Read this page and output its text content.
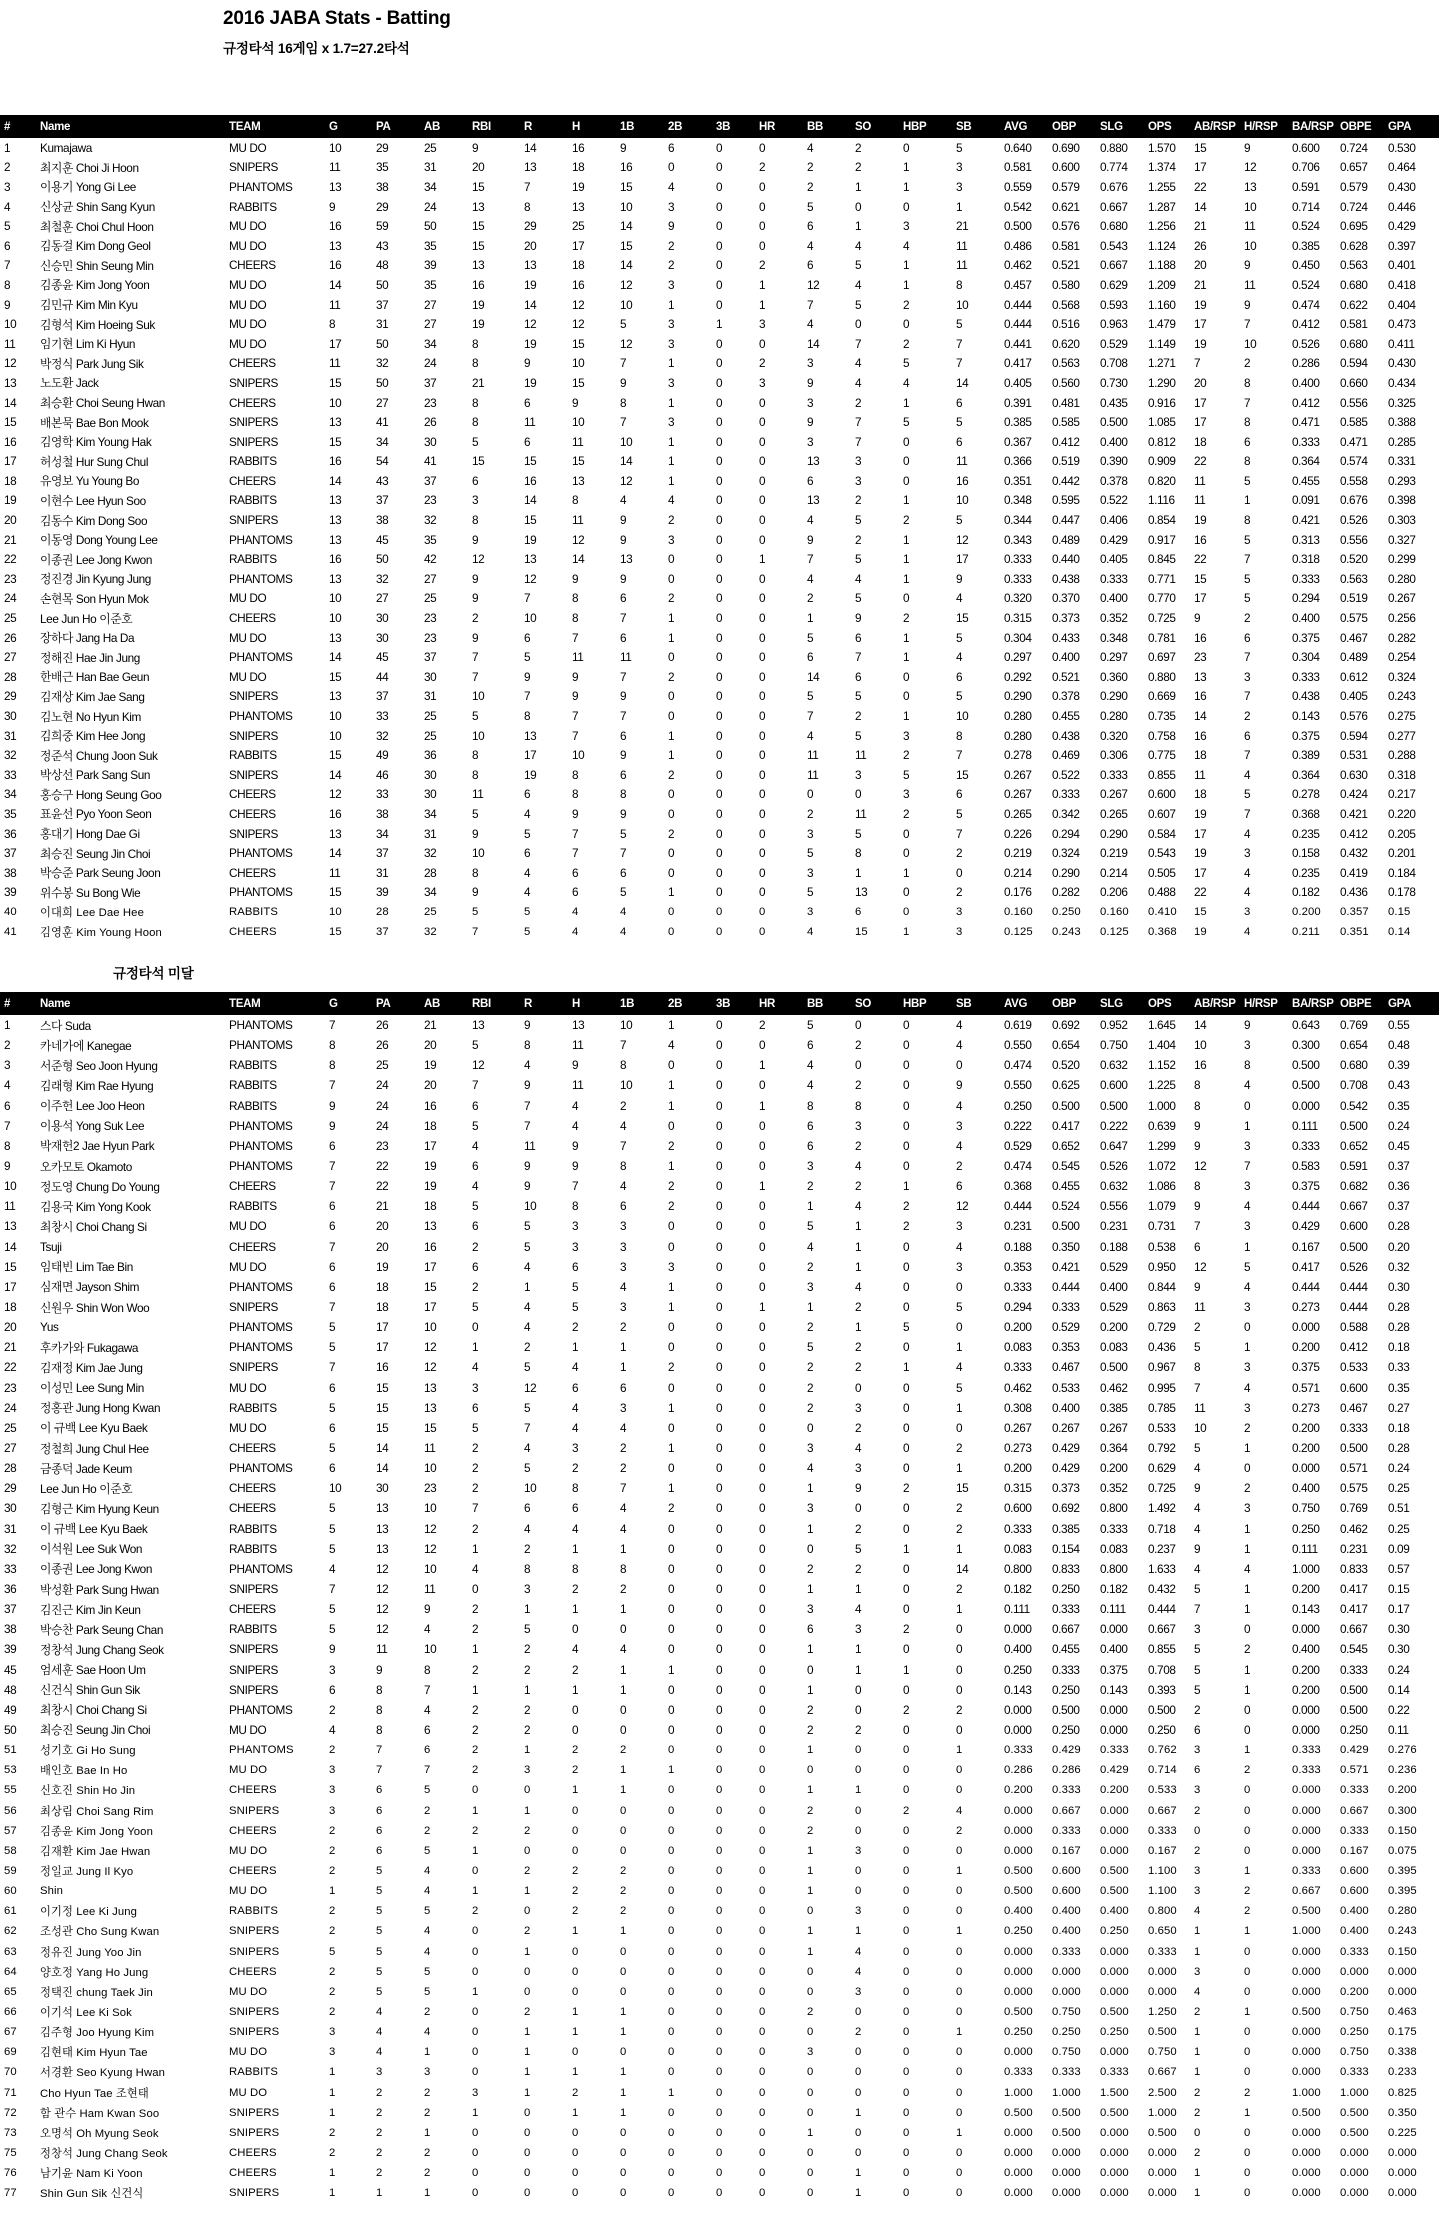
2016 JABA Stats - Batting
규정타석 16게임 x 1.7=27.2타석
#	Name	TEAM	G	PA	AB	RBI	R	H	1B	2B	3B	HR	BB	SO	HBP	SB	AVG	OBP	SLG	OPS	AB/RSP	H/RSP	BA/RSP	OBPE	GPA
1	Kumajawa	MU DO	10	29	25	9	14	16	9	6	0	0	4	2	0	5	0.640	0.690	0.880	1.570	15	9	0.600	0.724	0.530
2	최지훈 Choi Ji Hoon	SNIPERS	11	35	31	20	13	18	16	0	0	2	2	2	1	3	0.581	0.600	0.774	1.374	17	12	0.706	0.657	0.464
3	이용기 Yong Gi Lee	PHANTOMS	13	38	34	15	7	19	15	4	0	0	2	1	1	3	0.559	0.579	0.676	1.255	22	13	0.591	0.579	0.430
4	신상균 Shin Sang Kyun	RABBITS	9	29	24	13	8	13	10	3	0	0	5	0	0	1	0.542	0.621	0.667	1.287	14	10	0.714	0.724	0.446
5	최철훈 Choi Chul Hoon	MU DO	16	59	50	15	29	25	14	9	0	0	6	1	3	21	0.500	0.576	0.680	1.256	21	11	0.524	0.695	0.429
6	김동걸 Kim Dong Geol	MU DO	13	43	35	15	20	17	15	2	0	0	4	4	4	11	0.486	0.581	0.543	1.124	26	10	0.385	0.628	0.397
7	신승민 Shin Seung Min	CHEERS	16	48	39	13	13	18	14	2	0	2	6	5	1	11	0.462	0.521	0.667	1.188	20	9	0.450	0.563	0.401
8	김종윤 Kim Jong Yoon	MU DO	14	50	35	16	19	16	12	3	0	1	12	4	1	8	0.457	0.580	0.629	1.209	21	11	0.524	0.680	0.418
9	김민규 Kim Min Kyu	MU DO	11	37	27	19	14	12	10	1	0	1	7	5	2	10	0.444	0.568	0.593	1.160	19	9	0.474	0.622	0.404
10	김형석 Kim Hoeing Suk	MU DO	8	31	27	19	12	12	5	3	1	3	4	0	0	5	0.444	0.516	0.963	1.479	17	7	0.412	0.581	0.473
11	임기현 Lim Ki Hyun	MU DO	17	50	34	8	19	15	12	3	0	0	14	7	2	7	0.441	0.620	0.529	1.149	19	10	0.526	0.680	0.411
12	박정식 Park Jung Sik	CHEERS	11	32	24	8	9	10	7	1	0	2	3	4	5	7	0.417	0.563	0.708	1.271	7	2	0.286	0.594	0.430
13	노도환 Jack	SNIPERS	15	50	37	21	19	15	9	3	0	3	9	4	4	14	0.405	0.560	0.730	1.290	20	8	0.400	0.660	0.434
14	최승환 Choi Seung Hwan	CHEERS	10	27	23	8	6	9	8	1	0	0	3	2	1	6	0.391	0.481	0.435	0.916	17	7	0.412	0.556	0.325
15	배본묵 Bae Bon Mook	SNIPERS	13	41	26	8	11	10	7	3	0	0	9	7	5	5	0.385	0.585	0.500	1.085	17	8	0.471	0.585	0.388
16	김영학 Kim Young Hak	SNIPERS	15	34	30	5	6	11	10	1	0	0	3	7	0	6	0.367	0.412	0.400	0.812	18	6	0.333	0.471	0.285
17	허성철 Hur Sung Chul	RABBITS	16	54	41	15	15	15	14	1	0	0	13	3	0	11	0.366	0.519	0.390	0.909	22	8	0.364	0.574	0.331
18	유영보 Yu Young Bo	CHEERS	14	43	37	6	16	13	12	1	0	0	6	3	0	16	0.351	0.442	0.378	0.820	11	5	0.455	0.558	0.293
19	이현수 Lee Hyun Soo	RABBITS	13	37	23	3	14	8	4	4	0	0	13	2	1	10	0.348	0.595	0.522	1.116	11	1	0.091	0.676	0.398
20	김동수 Kim Dong Soo	SNIPERS	13	38	32	8	15	11	9	2	0	0	4	5	2	5	0.344	0.447	0.406	0.854	19	8	0.421	0.526	0.303
21	이동영 Dong Young Lee	PHANTOMS	13	45	35	9	19	12	9	3	0	0	9	2	1	12	0.343	0.489	0.429	0.917	16	5	0.313	0.556	0.327
22	이종권 Lee Jong Kwon	RABBITS	16	50	42	12	13	14	13	0	0	1	7	5	1	17	0.333	0.440	0.405	0.845	22	7	0.318	0.520	0.299
23	정진경 Jin Kyung Jung	PHANTOMS	13	32	27	9	12	9	9	0	0	0	4	4	1	9	0.333	0.438	0.333	0.771	15	5	0.333	0.563	0.280
24	손현목 Son Hyun Mok	MU DO	10	27	25	9	7	8	6	2	0	0	2	5	0	4	0.320	0.370	0.400	0.770	17	5	0.294	0.519	0.267
25	Lee Jun Ho 이준호	CHEERS	10	30	23	2	10	8	7	1	0	0	1	9	2	15	0.315	0.373	0.352	0.725	9	2	0.400	0.575	0.256
26	장하다 Jang Ha Da	MU DO	13	30	23	9	6	7	6	1	0	0	5	6	1	5	0.304	0.433	0.348	0.781	16	6	0.375	0.467	0.282
27	정해진 Hae Jin Jung	PHANTOMS	14	45	37	7	5	11	11	0	0	0	6	7	1	4	0.297	0.400	0.297	0.697	23	7	0.304	0.489	0.254
28	한배근 Han Bae Geun	MU DO	15	44	30	7	9	9	7	2	0	0	14	6	0	6	0.292	0.521	0.360	0.880	13	3	0.333	0.612	0.324
29	김재상 Kim Jae Sang	SNIPERS	13	37	31	10	7	9	9	0	0	0	5	5	0	5	0.290	0.378	0.290	0.669	16	7	0.438	0.405	0.243
30	김노현 No Hyun Kim	PHANTOMS	10	33	25	5	8	7	7	0	0	0	7	2	1	10	0.280	0.455	0.280	0.735	14	2	0.143	0.576	0.275
31	김희중 Kim Hee Jong	SNIPERS	10	32	25	10	13	7	6	1	0	0	4	5	3	8	0.280	0.438	0.320	0.758	16	6	0.375	0.594	0.277
32	정준석 Chung Joon Suk	RABBITS	15	49	36	8	17	10	9	1	0	0	11	11	2	7	0.278	0.469	0.306	0.775	18	7	0.389	0.531	0.288
33	박상선 Park Sang Sun	SNIPERS	14	46	30	8	19	8	6	2	0	0	11	3	5	15	0.267	0.522	0.333	0.855	11	4	0.364	0.630	0.318
34	홍승구 Hong Seung Goo	CHEERS	12	33	30	11	6	8	8	0	0	0	0	0	3	6	0.267	0.333	0.267	0.600	18	5	0.278	0.424	0.217
35	표윤선 Pyo Yoon Seon	CHEERS	16	38	34	5	4	9	9	0	0	0	2	11	2	5	0.265	0.342	0.265	0.607	19	7	0.368	0.421	0.220
36	홍대기 Hong Dae Gi	SNIPERS	13	34	31	9	5	7	5	2	0	0	3	5	0	7	0.226	0.294	0.290	0.584	17	4	0.235	0.412	0.205
37	최승진 Seung Jin Choi	PHANTOMS	14	37	32	10	6	7	7	0	0	0	5	8	0	2	0.219	0.324	0.219	0.543	19	3	0.158	0.432	0.201
38	박승준 Park Seung Joon	CHEERS	11	31	28	8	4	6	6	0	0	0	3	1	1	0	0.214	0.290	0.214	0.505	17	4	0.235	0.419	0.184
39	위수봉 Su Bong Wie	PHANTOMS	15	39	34	9	4	6	5	1	0	0	5	13	0	2	0.176	0.282	0.206	0.488	22	4	0.182	0.436	0.178
40	이대희 Lee Dae Hee	RABBITS	10	28	25	5	5	4	4	0	0	0	3	6	0	3	0.160	0.250	0.160	0.410	15	3	0.200	0.357	0.15
41	김영훈 Kim Young Hoon	CHEERS	15	37	32	7	5	4	4	0	0	0	4	15	1	3	0.125	0.243	0.125	0.368	19	4	0.211	0.351	0.14
규정타석 미달
#	Name	TEAM	G	PA	AB	RBI	R	H	1B	2B	3B	HR	BB	SO	HBP	SB	AVG	OBP	SLG	OPS	AB/RSP	H/RSP	BA/RSP	OBPE	GPA
1	스다 Suda	PHANTOMS	7	26	21	13	9	13	10	1	0	2	5	0	0	4	0.619	0.692	0.952	1.645	14	9	0.643	0.769	0.55
2	카네가에 Kanegae	PHANTOMS	8	26	20	5	8	11	7	4	0	0	6	2	0	4	0.550	0.654	0.750	1.404	10	3	0.300	0.654	0.48
3	서준형 Seo Joon Hyung	RABBITS	8	25	19	12	4	9	8	0	0	1	4	0	0	0	0.474	0.520	0.632	1.152	16	8	0.500	0.680	0.39
4	김래형 Kim Rae Hyung	RABBITS	7	24	20	7	9	11	10	1	0	0	4	2	0	9	0.550	0.625	0.600	1.225	8	4	0.500	0.708	0.43
6	이주헌 Lee Joo Heon	RABBITS	9	24	16	6	7	4	2	1	0	1	8	8	0	4	0.250	0.500	0.500	1.000	8	0	0.000	0.542	0.35
7	이용석 Yong Suk Lee	PHANTOMS	9	24	18	5	7	4	4	0	0	0	6	3	0	3	0.222	0.417	0.222	0.639	9	1	0.111	0.500	0.24
8	박재헌2 Jae Hyun Park	PHANTOMS	6	23	17	4	11	9	7	2	0	0	6	2	0	4	0.529	0.652	0.647	1.299	9	3	0.333	0.652	0.45
9	오카모토 Okamoto	PHANTOMS	7	22	19	6	9	9	8	1	0	0	3	4	0	2	0.474	0.545	0.526	1.072	12	7	0.583	0.591	0.37
10	정도영 Chung Do Young	CHEERS	7	22	19	4	9	7	4	2	0	1	2	2	1	6	0.368	0.455	0.632	1.086	8	3	0.375	0.682	0.36
11	김용국 Kim Yong Kook	RABBITS	6	21	18	5	10	8	6	2	0	0	1	4	2	12	0.444	0.524	0.556	1.079	9	4	0.444	0.667	0.37
13	최창시 Choi Chang Si	MU DO	6	20	13	6	5	3	3	0	0	0	5	1	2	3	0.231	0.500	0.231	0.731	7	3	0.429	0.600	0.28
14	Tsuji	CHEERS	7	20	16	2	5	3	3	0	0	0	4	1	0	4	0.188	0.350	0.188	0.538	6	1	0.167	0.500	0.20
15	임태빈 Lim Tae Bin	MU DO	6	19	17	6	4	6	3	3	0	0	2	1	0	3	0.353	0.421	0.529	0.950	12	5	0.417	0.526	0.32
17	심재면 Jayson Shim	PHANTOMS	6	18	15	2	1	5	4	1	0	0	3	4	0	0	0.333	0.444	0.400	0.844	9	4	0.444	0.444	0.30
18	신원우 Shin Won Woo	SNIPERS	7	18	17	5	4	5	3	1	0	1	1	2	0	5	0.294	0.333	0.529	0.863	11	3	0.273	0.444	0.28
20	Yus	PHANTOMS	5	17	10	0	4	2	2	0	0	0	2	1	5	0	0.200	0.529	0.200	0.729	2	0	0.000	0.588	0.28
21	후카가와 Fukagawa	PHANTOMS	5	17	12	1	2	1	1	0	0	0	5	2	0	1	0.083	0.353	0.083	0.436	5	1	0.200	0.412	0.18
22	김재정 Kim Jae Jung	SNIPERS	7	16	12	4	5	4	1	2	0	0	2	2	1	4	0.333	0.467	0.500	0.967	8	3	0.375	0.533	0.33
23	이성민 Lee Sung Min	MU DO	6	15	13	3	12	6	6	0	0	0	2	0	0	5	0.462	0.533	0.462	0.995	7	4	0.571	0.600	0.35
24	정홍관 Jung Hong Kwan	RABBITS	5	15	13	6	5	4	3	1	0	0	2	3	0	1	0.308	0.400	0.385	0.785	11	3	0.273	0.467	0.27
25	이 규백 Lee Kyu Baek	MU DO	6	15	15	5	7	4	4	0	0	0	0	2	0	0	0.267	0.267	0.267	0.533	10	2	0.200	0.333	0.18
27	정철희 Jung Chul Hee	CHEERS	5	14	11	2	4	3	2	1	0	0	3	4	0	2	0.273	0.429	0.364	0.792	5	1	0.200	0.500	0.28
28	금종덕 Jade Keum	PHANTOMS	6	14	10	2	5	2	2	0	0	0	4	3	0	1	0.200	0.429	0.200	0.629	4	0	0.000	0.571	0.24
29	Lee Jun Ho 이준호	CHEERS	10	30	23	2	10	8	7	1	0	0	1	9	2	15	0.315	0.373	0.352	0.725	9	2	0.400	0.575	0.25
30	김형근 Kim Hyung Keun	CHEERS	5	13	10	7	6	6	4	2	0	0	3	0	0	2	0.600	0.692	0.800	1.492	4	3	0.750	0.769	0.51
31	이 규백 Lee Kyu Baek	RABBITS	5	13	12	2	4	4	4	0	0	0	1	2	0	2	0.333	0.385	0.333	0.718	4	1	0.250	0.462	0.25
32	이석원 Lee Suk Won	RABBITS	5	13	12	1	2	1	1	0	0	0	0	5	1	1	0.083	0.154	0.083	0.237	9	1	0.111	0.231	0.09
33	이종권 Lee Jong Kwon	PHANTOMS	4	12	10	4	8	8	8	0	0	0	2	2	0	14	0.800	0.833	0.800	1.633	4	4	1.000	0.833	0.57
36	박성환 Park Sung Hwan	SNIPERS	7	12	11	0	3	2	2	0	0	0	1	1	0	2	0.182	0.250	0.182	0.432	5	1	0.200	0.417	0.15
37	김진근 Kim Jin Keun	CHEERS	5	12	9	2	1	1	1	0	0	0	3	4	0	1	0.111	0.333	0.111	0.444	7	1	0.143	0.417	0.17
38	박승찬 Park Seung Chan	RABBITS	5	12	4	2	5	0	0	0	0	0	6	3	2	0	0.000	0.667	0.000	0.667	3	0	0.000	0.667	0.30
39	정창석 Jung Chang Seok	SNIPERS	9	11	10	1	2	4	4	0	0	0	1	1	0	0	0.400	0.455	0.400	0.855	5	2	0.400	0.545	0.30
45	엄세훈 Sae Hoon Um	SNIPERS	3	9	8	2	2	2	1	1	0	0	0	1	1	0	0.250	0.333	0.375	0.708	5	1	0.200	0.333	0.24
48	신건식 Shin Gun Sik	SNIPERS	6	8	7	1	1	1	1	0	0	0	1	0	0	0	0.143	0.250	0.143	0.393	5	1	0.200	0.500	0.14
49	최창시 Choi Chang Si	PHANTOMS	2	8	4	2	2	0	0	0	0	0	2	0	2	2	0.000	0.500	0.000	0.500	2	0	0.000	0.500	0.22
50	최승진 Seung Jin Choi	MU DO	4	8	6	2	2	0	0	0	0	0	2	2	0	0	0.000	0.250	0.000	0.250	6	0	0.000	0.250	0.11
51	성기호 Gi Ho Sung	PHANTOMS	2	7	6	2	1	2	2	0	0	0	1	0	0	1	0.333	0.429	0.333	0.762	3	1	0.333	0.429	0.276
53	배인호 Bae In Ho	MU DO	3	7	7	2	3	2	1	1	0	0	0	0	0	0	0.286	0.286	0.429	0.714	6	2	0.333	0.571	0.236
55	신호진 Shin Ho Jin	CHEERS	3	6	5	0	0	1	1	0	0	0	1	1	0	0	0.200	0.333	0.200	0.533	3	0	0.000	0.333	0.200
56	최상림 Choi Sang Rim	SNIPERS	3	6	2	1	1	0	0	0	0	0	2	0	2	4	0.000	0.667	0.000	0.667	2	0	0.000	0.667	0.300
57	김종윤 Kim Jong Yoon	CHEERS	2	6	2	2	2	0	0	0	0	0	2	0	0	2	0.000	0.333	0.000	0.333	0	0	0.000	0.333	0.150
58	김재환 Kim Jae Hwan	MU DO	2	6	5	1	0	0	0	0	0	0	1	3	0	0	0.000	0.167	0.000	0.167	2	0	0.000	0.167	0.075
59	정일교 Jung Il Kyo	CHEERS	2	5	4	0	2	2	2	0	0	0	1	0	0	1	0.500	0.600	0.500	1.100	3	1	0.333	0.600	0.395
60	Shin	MU DO	1	5	4	1	1	2	2	0	0	0	1	0	0	0	0.500	0.600	0.500	1.100	3	2	0.667	0.600	0.395
61	이기정 Lee Ki Jung	RABBITS	2	5	5	2	0	2	2	0	0	0	0	3	0	0	0.400	0.400	0.400	0.800	4	2	0.500	0.400	0.280
62	조성관 Cho Sung Kwan	SNIPERS	2	5	4	0	2	1	1	0	0	0	1	1	0	1	0.250	0.400	0.250	0.650	1	1	1.000	0.400	0.243
63	정유진 Jung Yoo Jin	SNIPERS	5	5	4	0	1	0	0	0	0	0	1	4	0	0	0.000	0.333	0.000	0.333	1	0	0.000	0.333	0.150
64	양호정 Yang Ho Jung	CHEERS	2	5	5	0	0	0	0	0	0	0	0	4	0	0	0.000	0.000	0.000	0.000	3	0	0.000	0.000	0.000
65	정택진 chung Taek Jin	MU DO	2	5	5	1	0	0	0	0	0	0	0	3	0	0	0.000	0.000	0.000	0.000	4	0	0.000	0.200	0.000
66	이기석 Lee Ki Sok	SNIPERS	2	4	2	0	2	1	1	0	0	0	2	0	0	0	0.500	0.750	0.500	1.250	2	1	0.500	0.750	0.463
67	김주형 Joo Hyung Kim	SNIPERS	3	4	4	0	1	1	1	0	0	0	0	2	0	1	0.250	0.250	0.250	0.500	1	0	0.000	0.250	0.175
69	김현태 Kim Hyun Tae	MU DO	3	4	1	0	1	0	0	0	0	0	3	0	0	0	0.000	0.750	0.000	0.750	1	0	0.000	0.750	0.338
70	서경환 Seo Kyung Hwan	RABBITS	1	3	3	0	1	1	1	0	0	0	0	0	0	0	0.333	0.333	0.333	0.667	1	0	0.000	0.333	0.233
71	Cho Hyun Tae 조현태	MU DO	1	2	2	3	1	2	1	1	0	0	0	0	0	0	1.000	1.000	1.500	2.500	2	2	1.000	1.000	0.825
72	함 관수 Ham Kwan Soo	SNIPERS	1	2	2	1	0	1	1	0	0	0	0	1	0	0	0.500	0.500	0.500	1.000	2	1	0.500	0.500	0.350
73	오명석 Oh Myung Seok	SNIPERS	2	2	1	0	0	0	0	0	0	0	1	0	0	1	0.000	0.500	0.000	0.500	0	0	0.000	0.500	0.225
75	정창석 Jung Chang Seok	CHEERS	2	2	2	0	0	0	0	0	0	0	0	0	0	0	0.000	0.000	0.000	0.000	2	0	0.000	0.000	0.000
76	남기윤 Nam Ki Yoon	CHEERS	1	2	2	0	0	0	0	0	0	0	0	1	0	0	0.000	0.000	0.000	0.000	1	0	0.000	0.000	0.000
77	Shin Gun Sik 신건식	SNIPERS	1	1	1	0	0	0	0	0	0	0	0	1	0	0	0.000	0.000	0.000	0.000	1	0	0.000	0.000	0.000
